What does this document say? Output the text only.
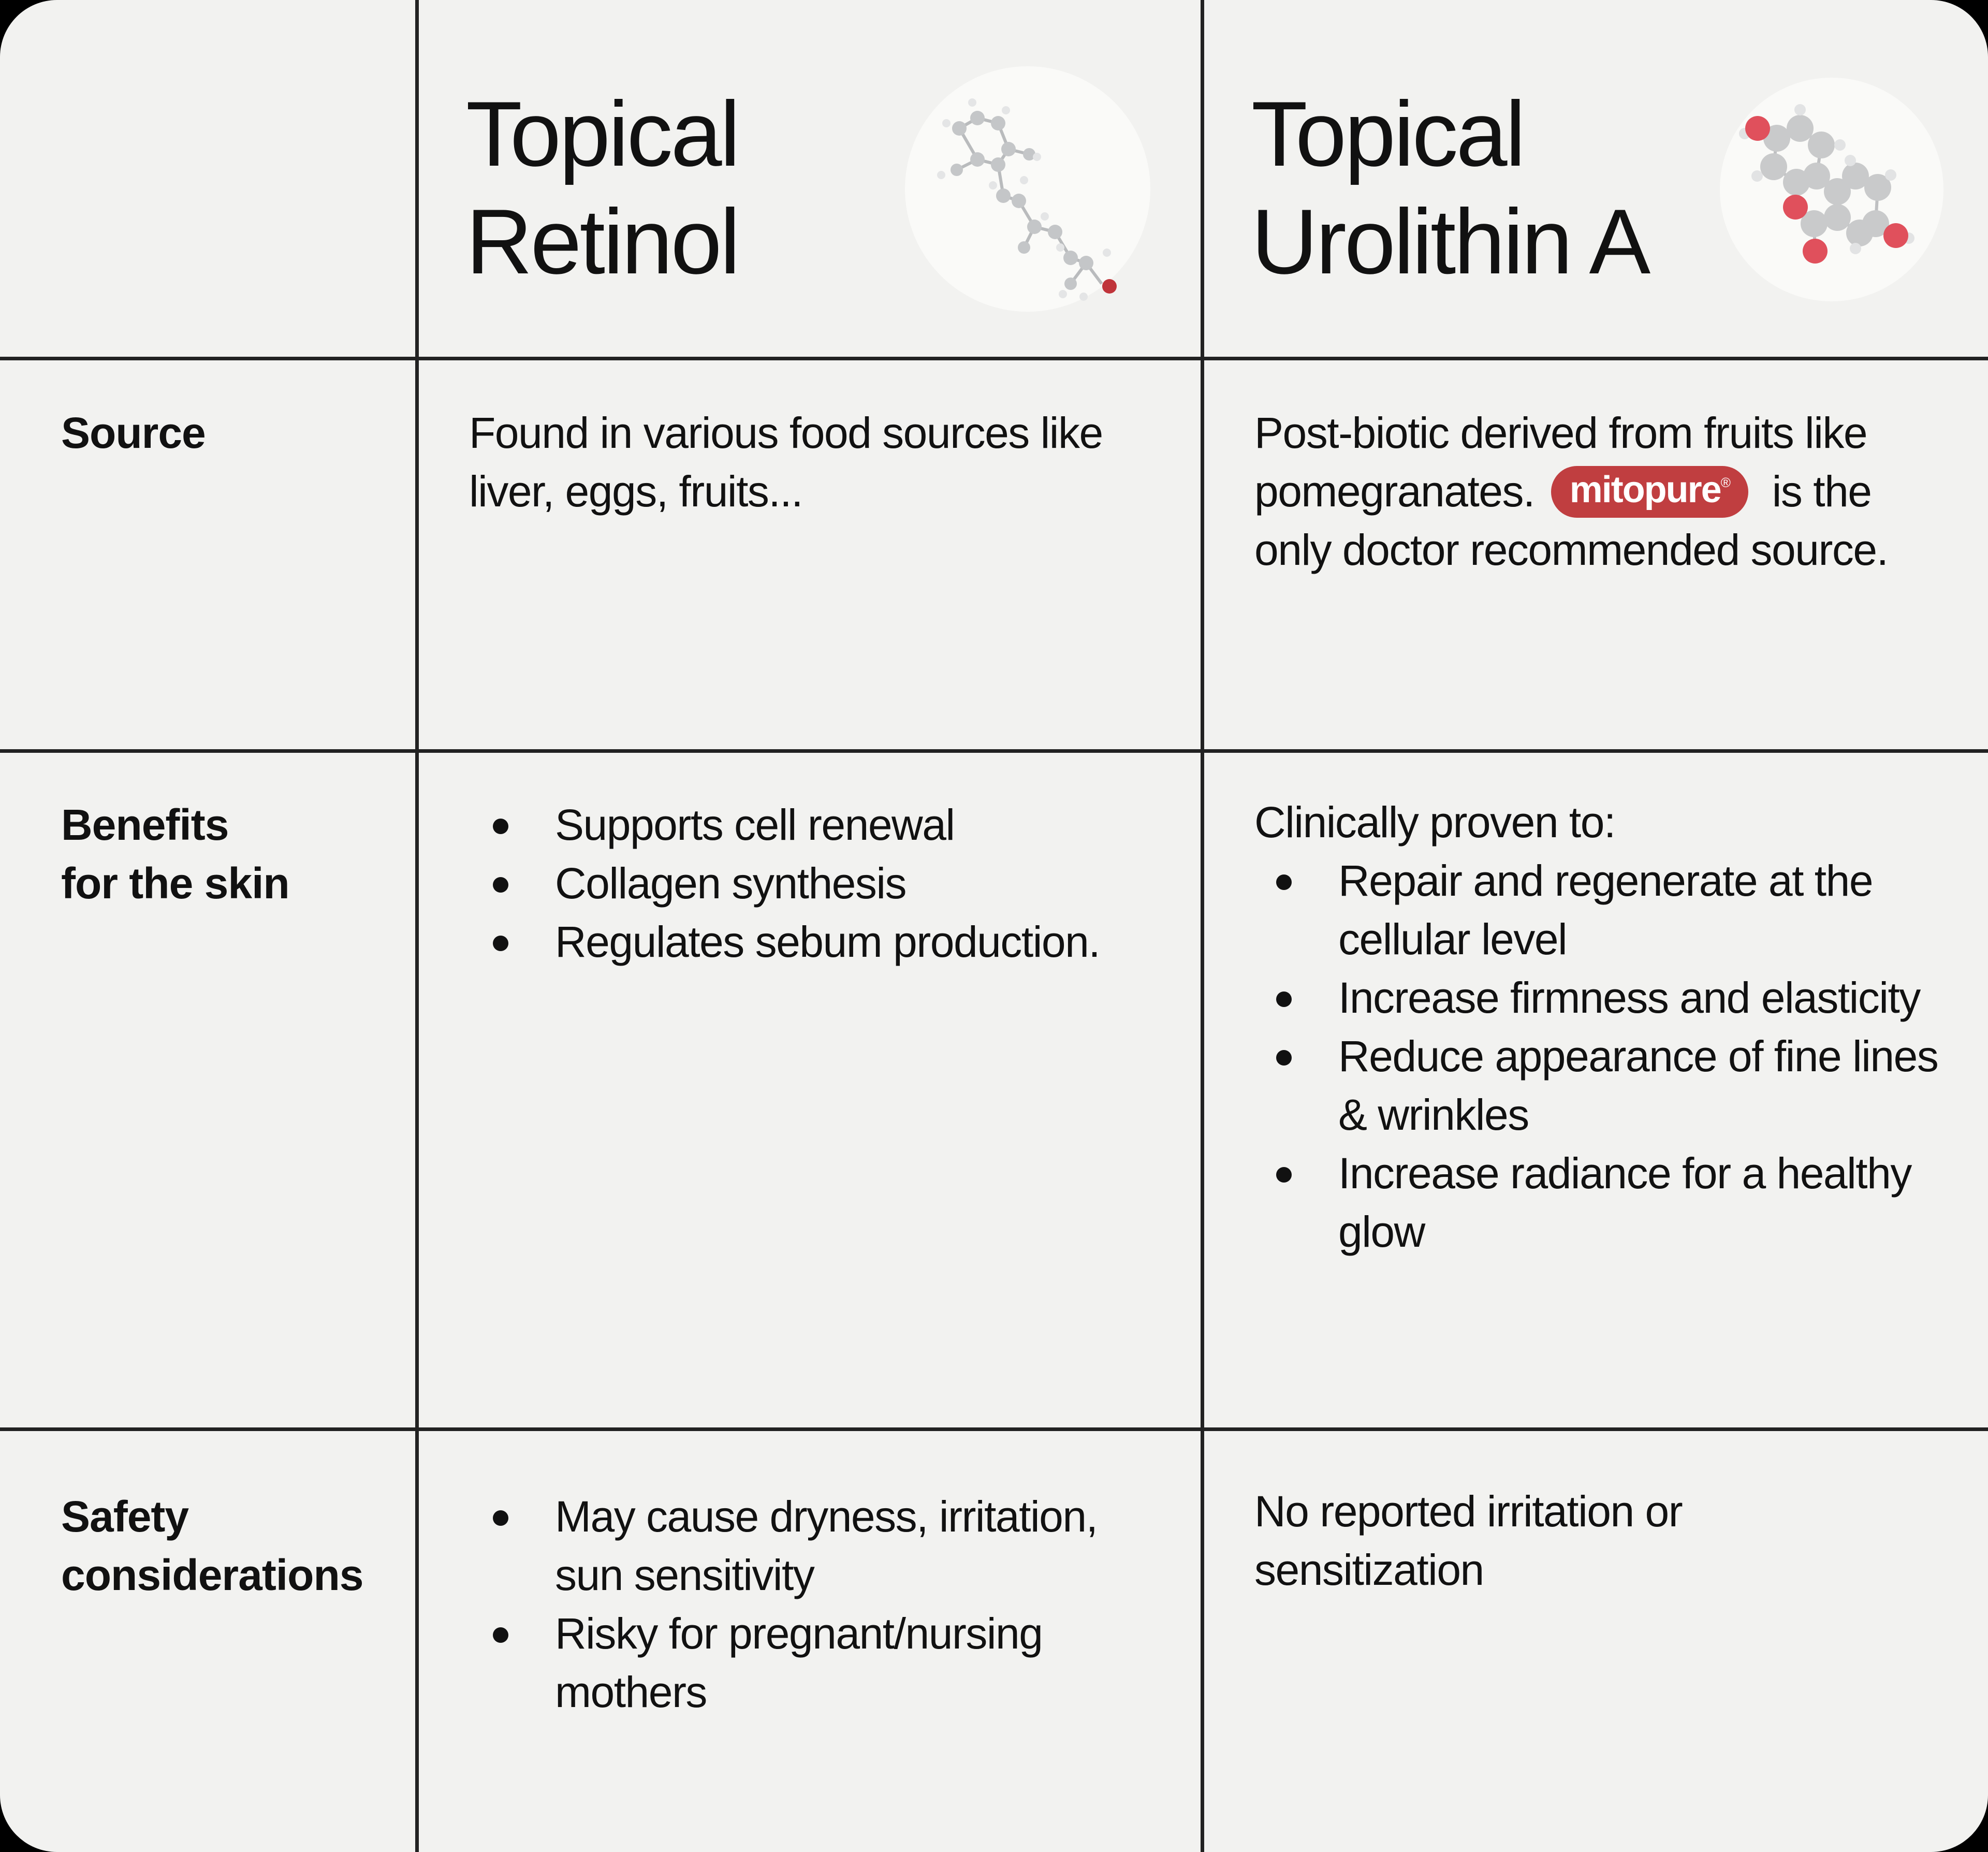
Topical
Retinol
Topical
Urolithin A
Source	Found in various food sources like liver, eggs, fruits...
Post-biotic derived from fruits like pomegranates. mitopure® is the only doctor recommended source.
Benefits
for the skin
Supports cell renewal
Collagen synthesis
Regulates sebum production.
Clinically proven to:
Repair and regenerate at the cellular level
Increase firmness and elasticity
Reduce appearance of fine lines & wrinkles
Increase radiance for a healthy glow
Safety
considerations
May cause dryness, irritation, sun sensitivity
Risky for pregnant/nursing mothers
No reported irritation or sensitization
